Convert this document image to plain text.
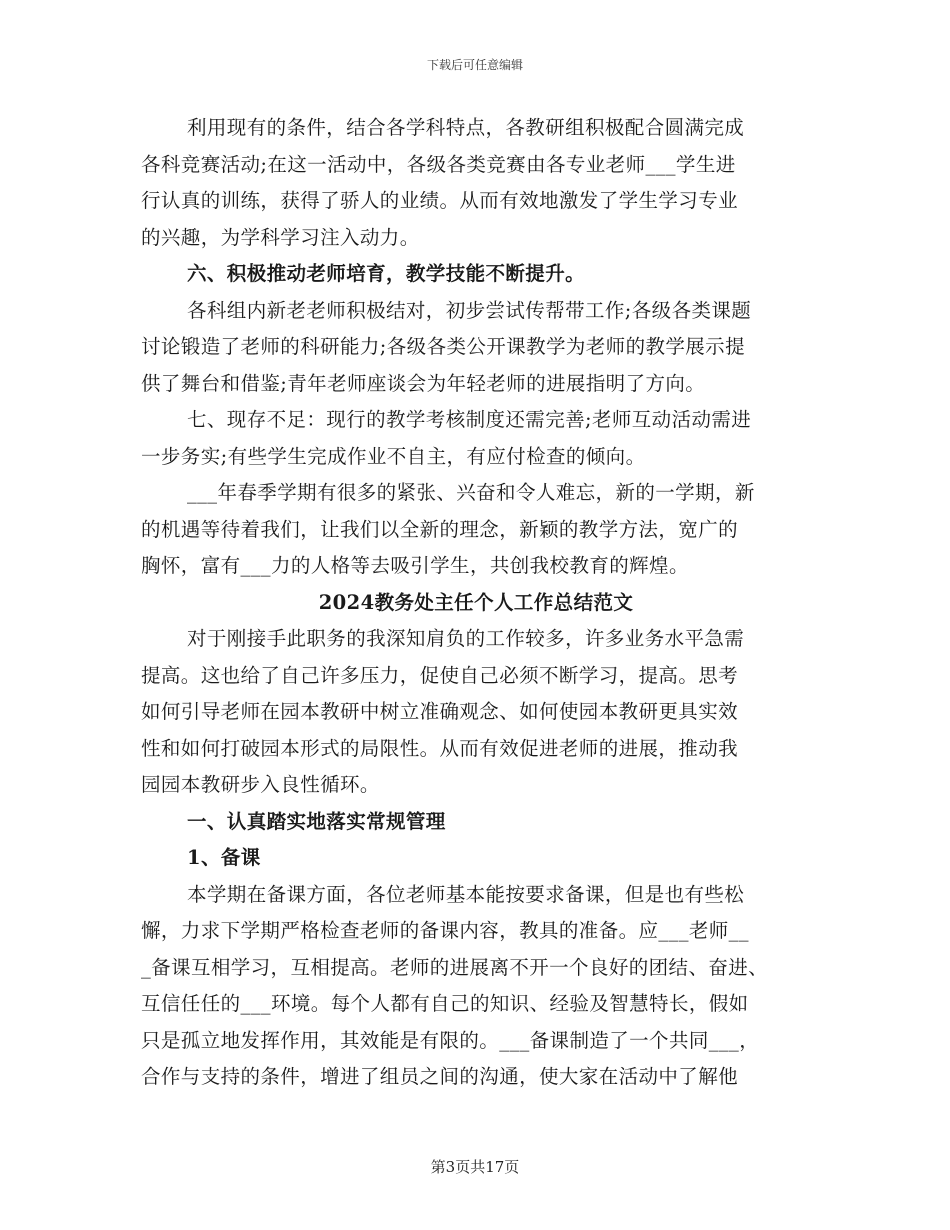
下载后可任意编辑
利用现有的条件，结合各学科特点，各教研组积极配合圆满完成
各科竞赛活动;在这一活动中，各级各类竞赛由各专业老师___学生进
行认真的训练，获得了骄人的业绩。从而有效地激发了学生学习专业
的兴趣，为学科学习注入动力。
六、积极推动老师培育，教学技能不断提升。
各科组内新老老师积极结对，初步尝试传帮带工作;各级各类课题
讨论锻造了老师的科研能力;各级各类公开课教学为老师的教学展示提
供了舞台和借鉴;青年老师座谈会为年轻老师的进展指明了方向。
七、现存不足：现行的教学考核制度还需完善;老师互动活动需进
一步务实;有些学生完成作业不自主，有应付检查的倾向。
___年春季学期有很多的紧张、兴奋和令人难忘，新的一学期，新
的机遇等待着我们，让我们以全新的理念，新颖的教学方法，宽广的
胸怀，富有___力的人格等去吸引学生，共创我校教育的辉煌。
2024教务处主任个人工作总结范文
对于刚接手此职务的我深知肩负的工作较多，许多业务水平急需
提高。这也给了自己许多压力，促使自己必须不断学习，提高。思考
如何引导老师在园本教研中树立准确观念、如何使园本教研更具实效
性和如何打破园本形式的局限性。从而有效促进老师的进展，推动我
园园本教研步入良性循环。
一、认真踏实地落实常规管理
1、备课
本学期在备课方面，各位老师基本能按要求备课，但是也有些松
懈，力求下学期严格检查老师的备课内容，教具的准备。应___老师__
_备课互相学习，互相提高。老师的进展离不开一个良好的团结、奋进、
互信任任的___环境。每个人都有自己的知识、经验及智慧特长，假如
只是孤立地发挥作用，其效能是有限的。___备课制造了一个共同___，
合作与支持的条件，增进了组员之间的沟通，使大家在活动中了解他
第3页共17页
